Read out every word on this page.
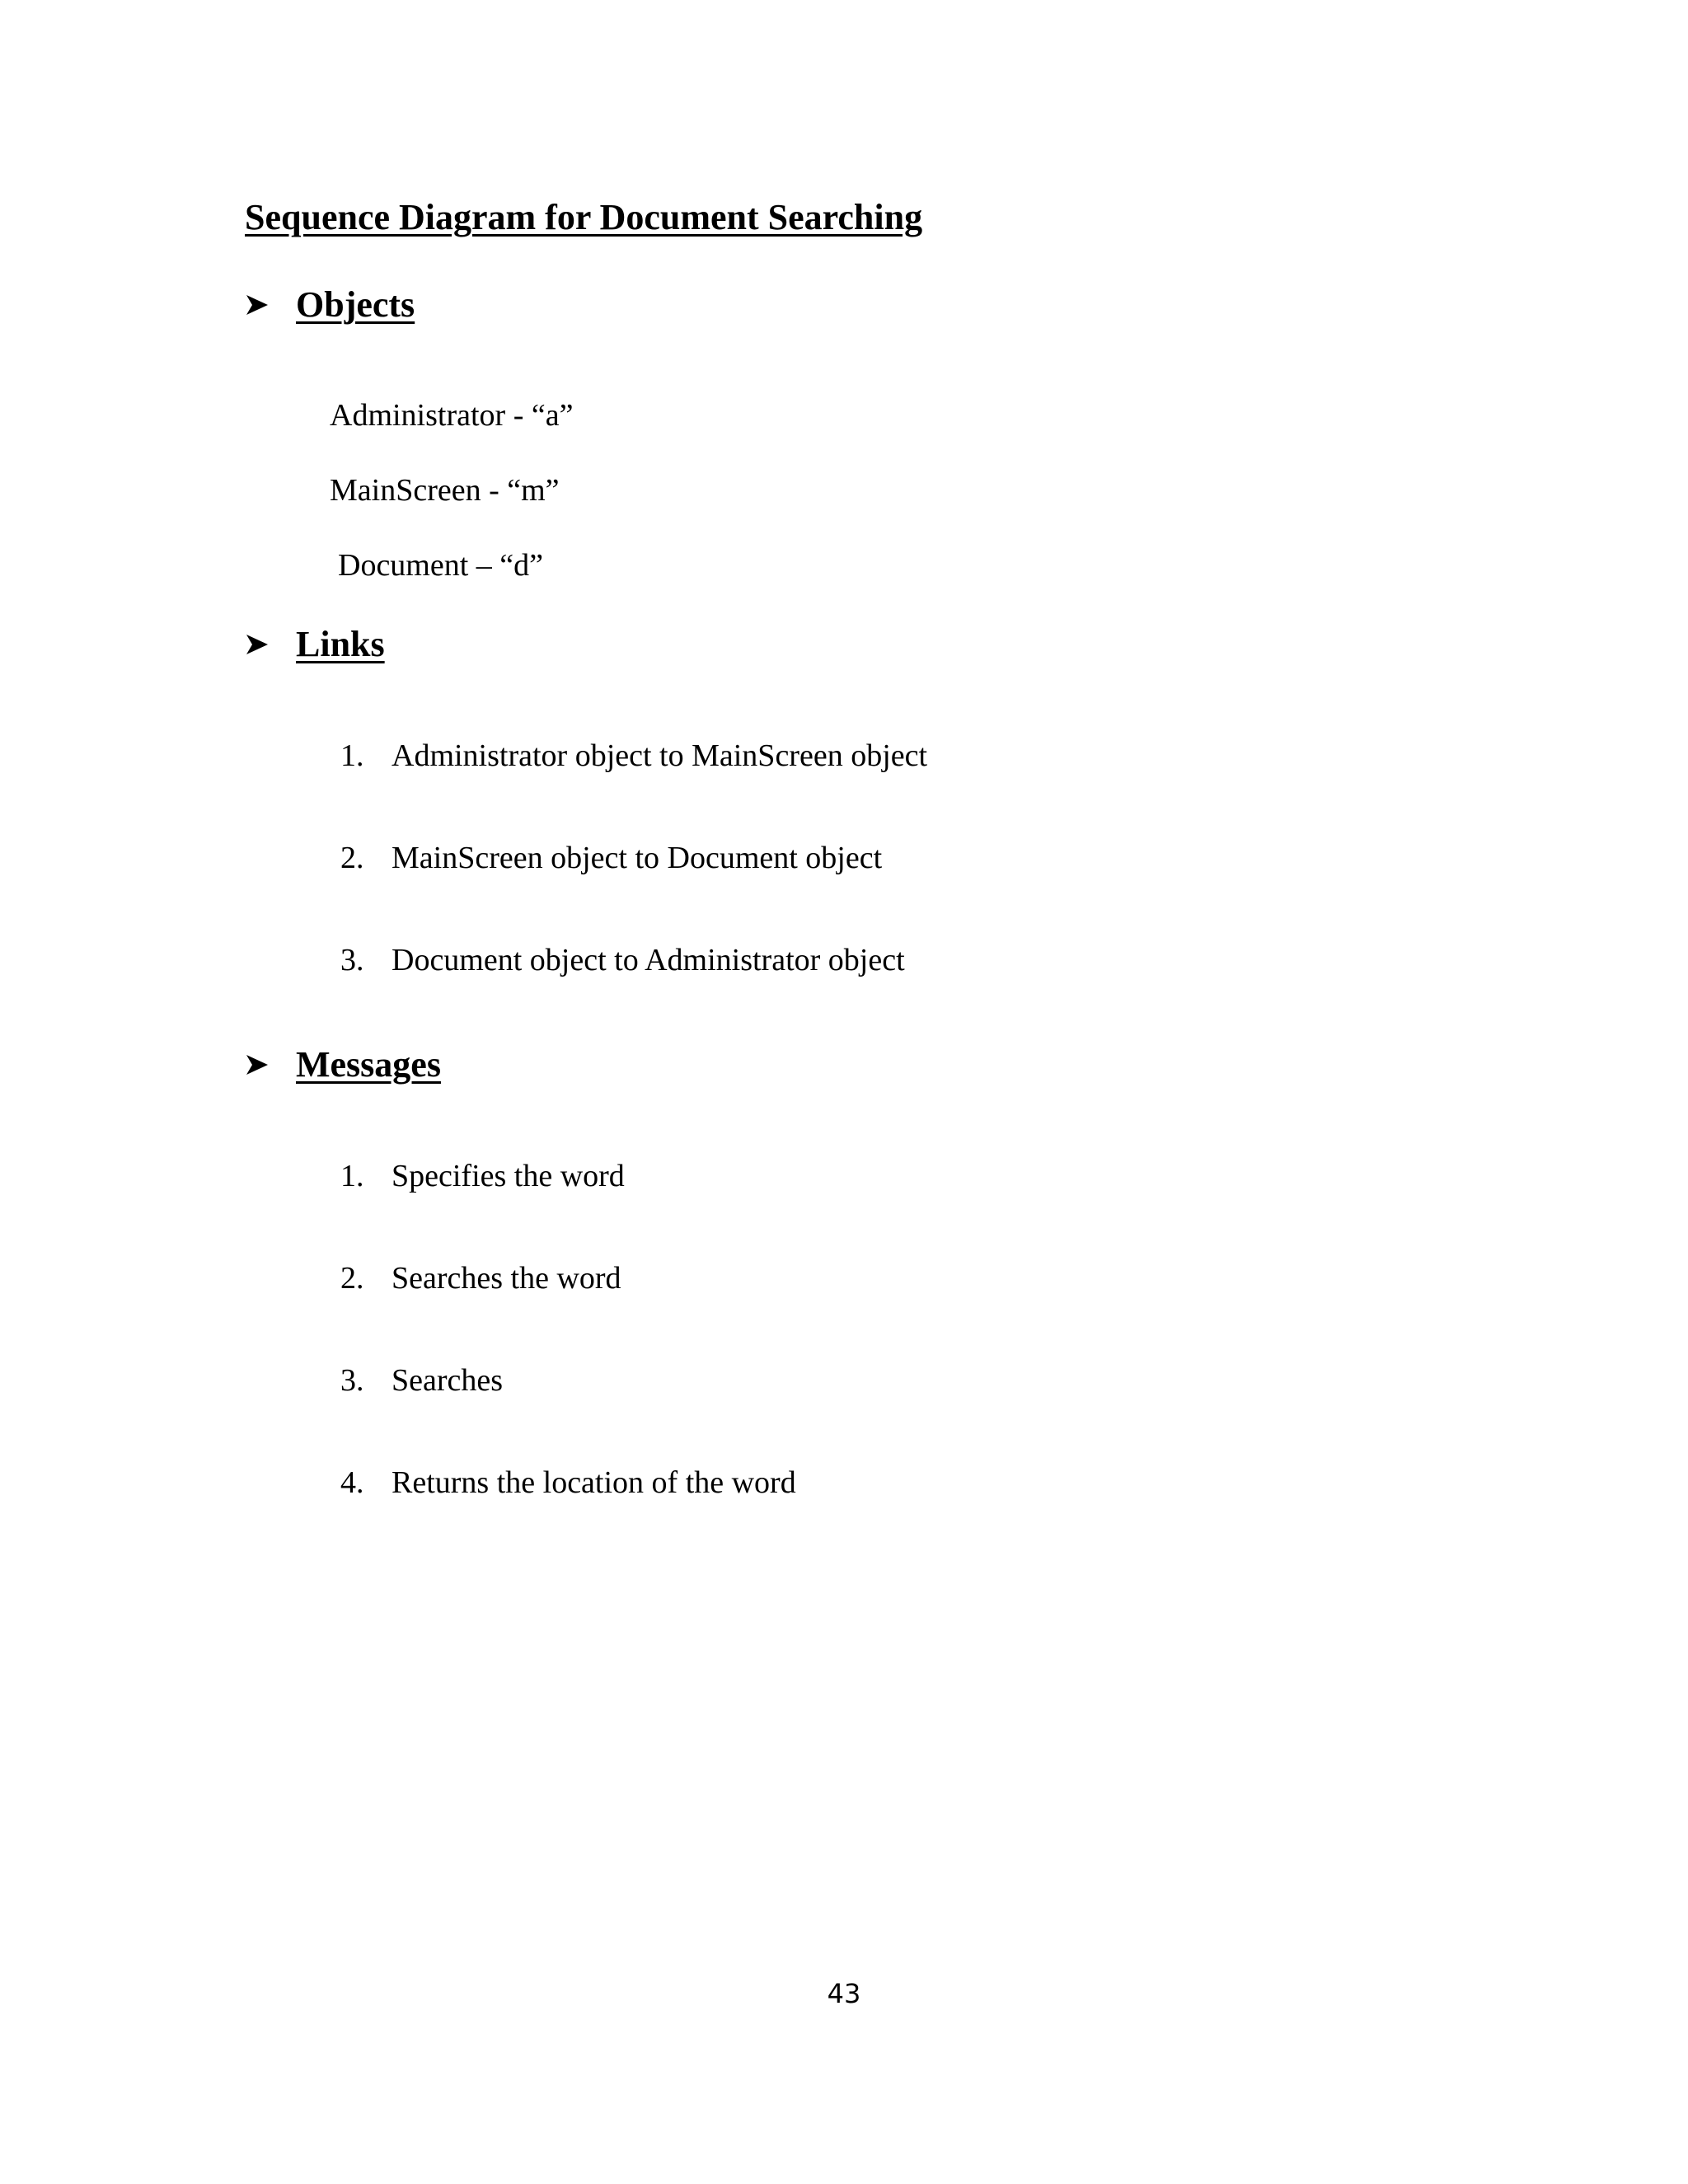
Sequence Diagram for Document Searching
Objects

Administrator - “a”

MainScreen - “m”

Document – “d”

Links
1. Administrator object to MainScreen object
2. MainScreen object to Document object
3. Document object to Administrator object
Messages
1. Specifies the word
2. Searches the word
3. Searches
4. Returns the location of the word
43
